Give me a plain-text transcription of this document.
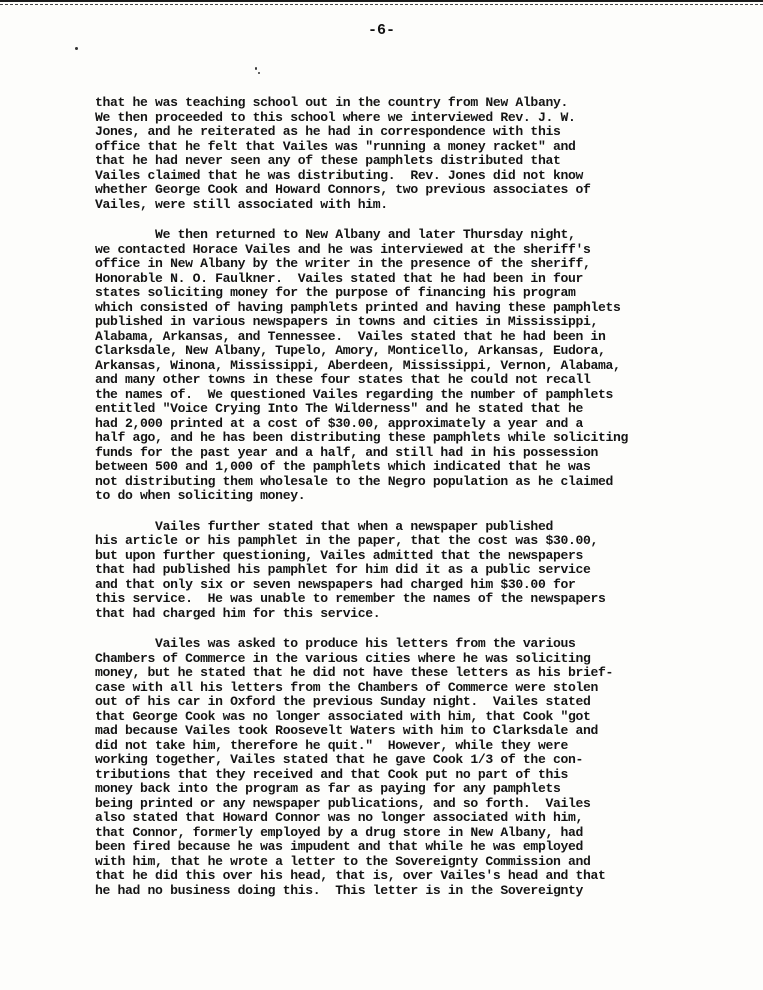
-6-
that he was teaching school out in the country from New Albany.
We then proceeded to this school where we interviewed Rev. J. W.
Jones, and he reiterated as he had in correspondence with this
office that he felt that Vailes was "running a money racket" and
that he had never seen any of these pamphlets distributed that
Vailes claimed that he was distributing.  Rev. Jones did not know
whether George Cook and Howard Connors, two previous associates of
Vailes, were still associated with him.
We then returned to New Albany and later Thursday night,
we contacted Horace Vailes and he was interviewed at the sheriff's
office in New Albany by the writer in the presence of the sheriff,
Honorable N. O. Faulkner.  Vailes stated that he had been in four
states soliciting money for the purpose of financing his program
which consisted of having pamphlets printed and having these pamphlets
published in various newspapers in towns and cities in Mississippi,
Alabama, Arkansas, and Tennessee.  Vailes stated that he had been in
Clarksdale, New Albany, Tupelo, Amory, Monticello, Arkansas, Eudora,
Arkansas, Winona, Mississippi, Aberdeen, Mississippi, Vernon, Alabama,
and many other towns in these four states that he could not recall
the names of.  We questioned Vailes regarding the number of pamphlets
entitled "Voice Crying Into The Wilderness" and he stated that he
had 2,000 printed at a cost of $30.00, approximately a year and a
half ago, and he has been distributing these pamphlets while soliciting
funds for the past year and a half, and still had in his possession
between 500 and 1,000 of the pamphlets which indicated that he was
not distributing them wholesale to the Negro population as he claimed
to do when soliciting money.
Vailes further stated that when a newspaper published
his article or his pamphlet in the paper, that the cost was $30.00,
but upon further questioning, Vailes admitted that the newspapers
that had published his pamphlet for him did it as a public service
and that only six or seven newspapers had charged him $30.00 for
this service.  He was unable to remember the names of the newspapers
that had charged him for this service.
Vailes was asked to produce his letters from the various
Chambers of Commerce in the various cities where he was soliciting
money, but he stated that he did not have these letters as his brief-
case with all his letters from the Chambers of Commerce were stolen
out of his car in Oxford the previous Sunday night.  Vailes stated
that George Cook was no longer associated with him, that Cook "got
mad because Vailes took Roosevelt Waters with him to Clarksdale and
did not take him, therefore he quit."  However, while they were
working together, Vailes stated that he gave Cook 1/3 of the con-
tributions that they received and that Cook put no part of this
money back into the program as far as paying for any pamphlets
being printed or any newspaper publications, and so forth.  Vailes
also stated that Howard Connor was no longer associated with him,
that Connor, formerly employed by a drug store in New Albany, had
been fired because he was impudent and that while he was employed
with him, that he wrote a letter to the Sovereignty Commission and
that he did this over his head, that is, over Vailes's head and that
he had no business doing this.  This letter is in the Sovereignty
